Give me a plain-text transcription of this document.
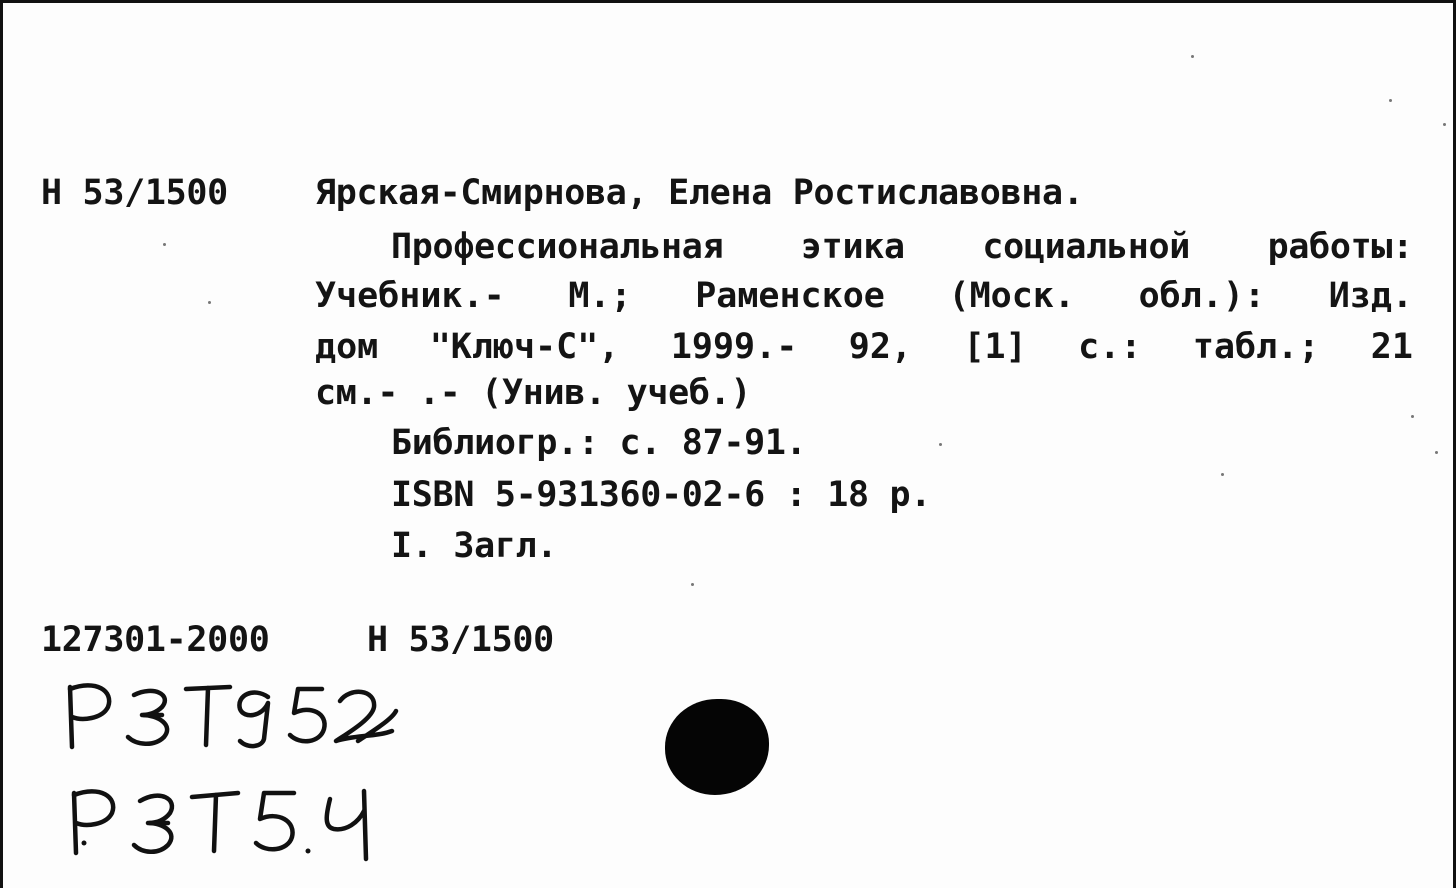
Н 53/1500 Ярская-Смирнова, Елена Ростиславовна.
Профессиональная этика социальной работы:
Учебник.- М.; Раменское (Моск. обл.): Изд.
дом "Ключ-С", 1999.- 92, [1] с.: табл.; 21
см.- .- (Унив. учеб.)
Библиогр.: с. 87-91.
ISBN 5-931360-02-6 : 18 р.
I. Загл.
127301-2000	Н 53/1500
